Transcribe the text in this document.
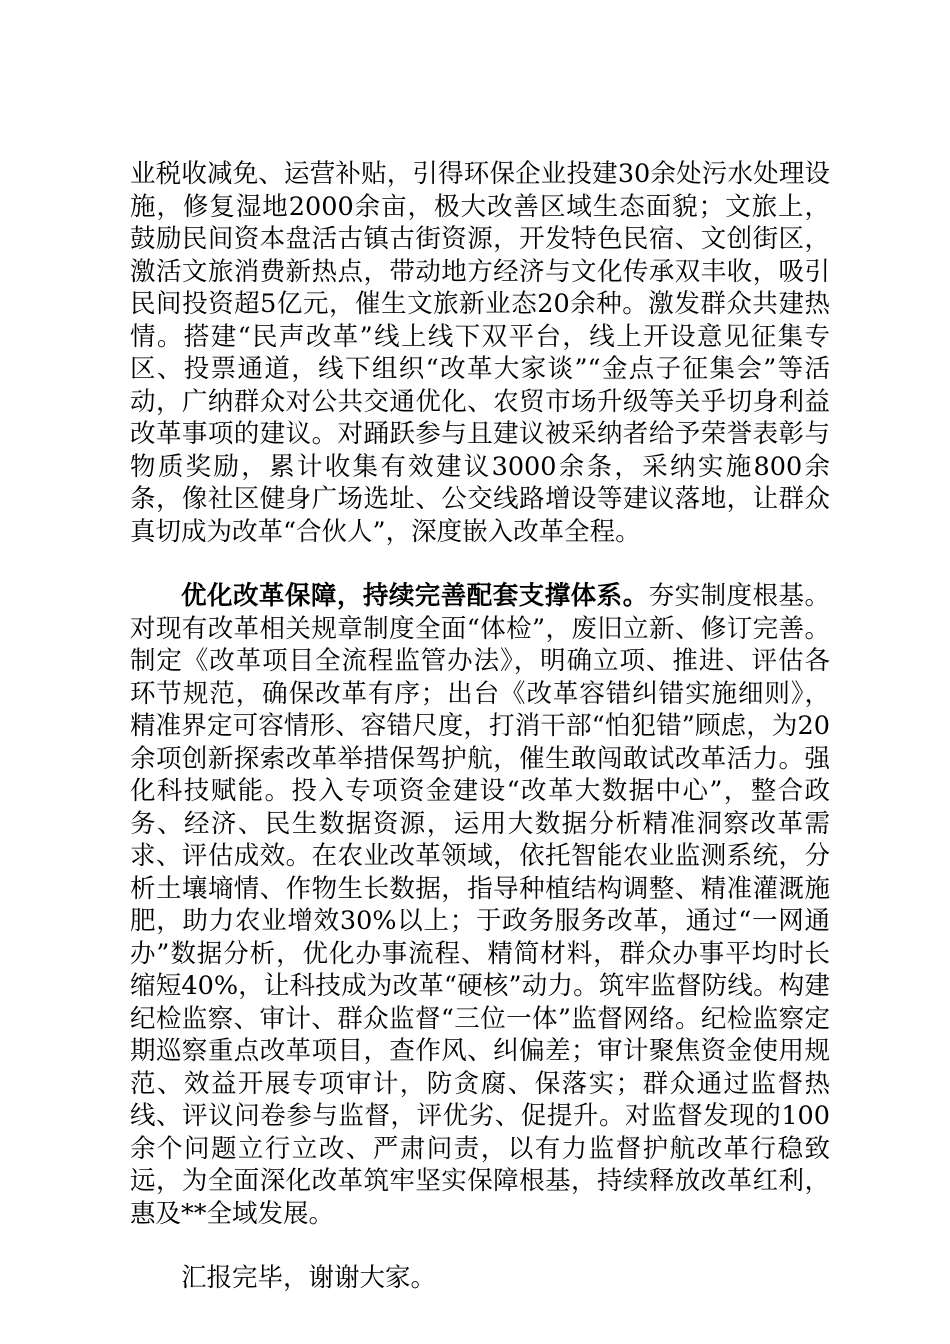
业税收减免、运营补贴，引得环保企业投建30余处污水处理设施，修复湿地2000余亩，极大改善区域生态面貌；文旅上，鼓励民间资本盘活古镇古街资源，开发特色民宿、文创街区，激活文旅消费新热点，带动地方经济与文化传承双丰收，吸引民间投资超5亿元，催生文旅新业态20余种。激发群众共建热情。搭建“民声改革”线上线下双平台，线上开设意见征集专区、投票通道，线下组织“改革大家谈”“金点子征集会”等活动，广纳群众对公共交通优化、农贸市场升级等关乎切身利益改革事项的建议。对踊跃参与且建议被采纳者给予荣誉表彰与物质奖励，累计收集有效建议3000余条，采纳实施800余条，像社区健身广场选址、公交线路增设等建议落地，让群众真切成为改革“合伙人”，深度嵌入改革全程。

优化改革保障，持续完善配套支撑体系。夯实制度根基。对现有改革相关规章制度全面“体检”，废旧立新、修订完善。制定《改革项目全流程监管办法》，明确立项、推进、评估各环节规范，确保改革有序；出台《改革容错纠错实施细则》，精准界定可容情形、容错尺度，打消干部“怕犯错”顾虑，为20余项创新探索改革举措保驾护航，催生敢闯敢试改革活力。强化科技赋能。投入专项资金建设“改革大数据中心”，整合政务、经济、民生数据资源，运用大数据分析精准洞察改革需求、评估成效。在农业改革领域，依托智能农业监测系统，分析土壤墒情、作物生长数据，指导种植结构调整、精准灌溉施肥，助力农业增效30%以上；于政务服务改革，通过“一网通办”数据分析，优化办事流程、精简材料，群众办事平均时长缩短40%，让科技成为改革“硬核”动力。筑牢监督防线。构建纪检监察、审计、群众监督“三位一体”监督网络。纪检监察定期巡察重点改革项目，查作风、纠偏差；审计聚焦资金使用规范、效益开展专项审计，防贪腐、保落实；群众通过监督热线、评议问卷参与监督，评优劣、促提升。对监督发现的100余个问题立行立改、严肃问责，以有力监督护航改革行稳致远，为全面深化改革筑牢坚实保障根基，持续释放改革红利，惠及**全域发展。

汇报完毕，谢谢大家。
